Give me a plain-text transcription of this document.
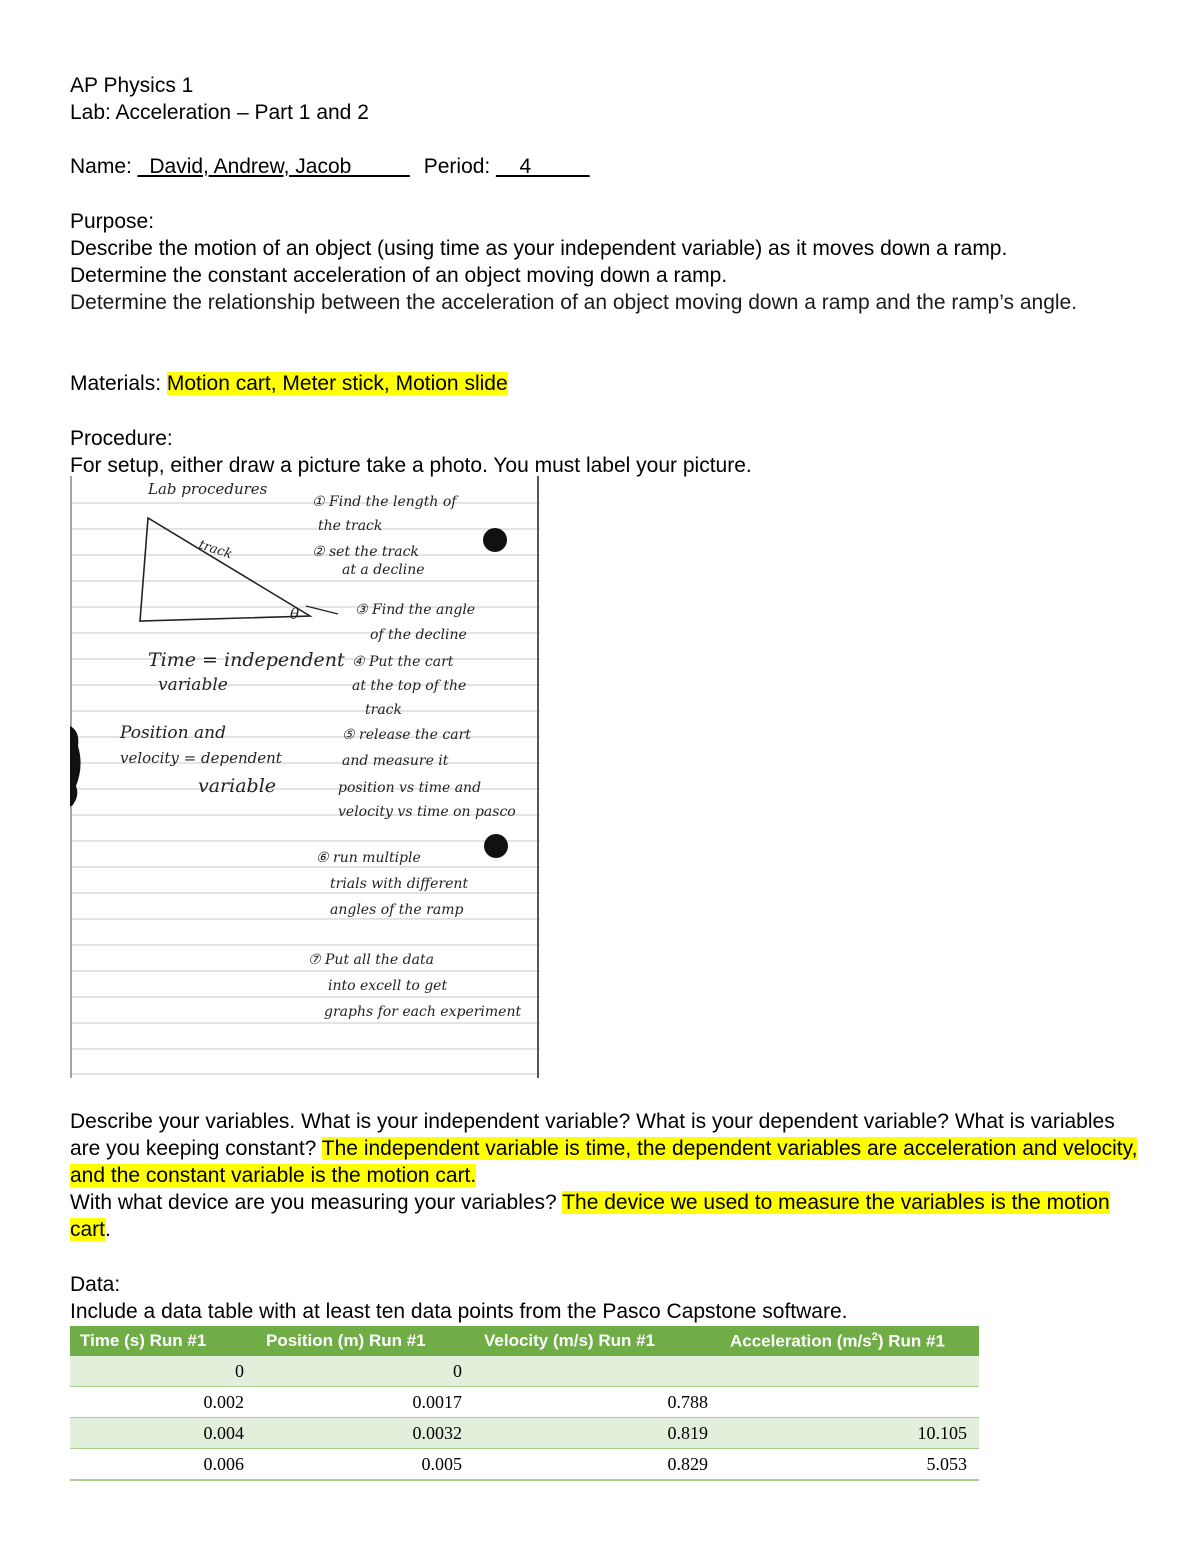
AP Physics 1
Lab: Acceleration – Part 1 and 2
Name: _David, Andrew, Jacob_____ Period: __4_____
Purpose:
Describe the motion of an object (using time as your independent variable) as it moves down a ramp.
Determine the constant acceleration of an object moving down a ramp.
Determine the relationship between the acceleration of an object moving down a ramp and the ramp’s angle.
Materials: Motion cart, Meter stick, Motion slide
Procedure:
For setup, either draw a picture take a photo. You must label your picture.
track
θ
Lab procedures
Time = independent
variable
Position and
velocity = dependent
variable
① Find the length of
the track
② set the track
at a decline
③ Find the angle
of the decline
④ Put the cart
at the top of the
track
⑤ release the cart
and measure it
position vs time and
velocity vs time on pasco
⑥ run multiple
trials with different
angles of the ramp
⑦ Put all the data
into excell to get
graphs for each experiment
Describe your variables. What is your independent variable? What is your dependent variable? What is variables are you keeping constant? The independent variable is time, the dependent variables are acceleration and velocity, and the constant variable is the motion cart.
With what device are you measuring your variables? The device we used to measure the variables is the motion cart.
Data:
Include a data table with at least ten data points from the Pasco Capstone software.
Time (s) Run #1	Position (m) Run #1	Velocity (m/s) Run #1	Acceleration $(m/s^2)$ Run #1
0	0		
0.002	0.0017	0.788	
0.004	0.0032	0.819	10.105
0.006	0.005	0.829	5.053
